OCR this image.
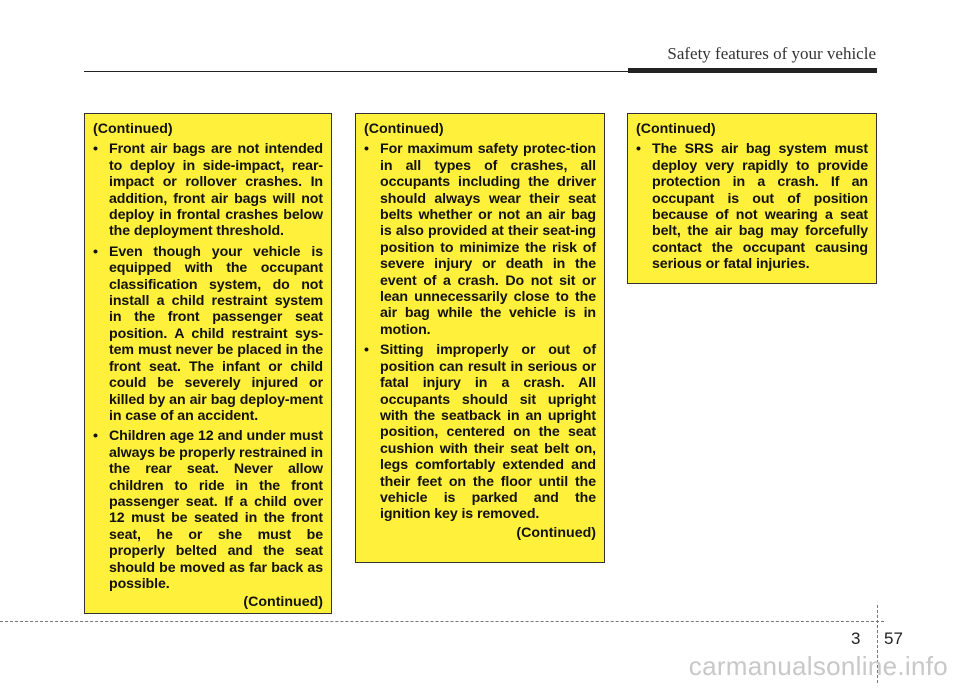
Safety features of your vehicle
(Continued)
• Front air bags are not intended to deploy in side-impact, rear-impact or rollover crashes. In addition, front air bags will not deploy in frontal crashes below the deployment threshold.
• Even though your vehicle is equipped with the occupant classification system, do not install a child restraint system in the front passenger seat position. A child restraint sys-tem must never be placed in the front seat. The infant or child could be severely injured or killed by an air bag deploy-ment in case of an accident.
• Children age 12 and under must always be properly restrained in the rear seat. Never allow children to ride in the front passenger seat. If a child over 12 must be seated in the front seat, he or she must be properly belted and the seat should be moved as far back as possible.
(Continued)
(Continued)
• For maximum safety protec-tion in all types of crashes, all occupants including the driver should always wear their seat belts whether or not an air bag is also provided at their seat-ing position to minimize the risk of severe injury or death in the event of a crash. Do not sit or lean unnecessarily close to the air bag while the vehicle is in motion.
• Sitting improperly or out of position can result in serious or fatal injury in a crash. All occupants should sit upright with the seatback in an upright position, centered on the seat cushion with their seat belt on, legs comfortably extended and their feet on the floor until the vehicle is parked and the ignition key is removed.
(Continued)
(Continued)
• The SRS air bag system must deploy very rapidly to provide protection in a crash. If an occupant is out of position because of not wearing a seat belt, the air bag may forcefully contact the occupant causing serious or fatal injuries.
3 57
carmanualsonline.info
